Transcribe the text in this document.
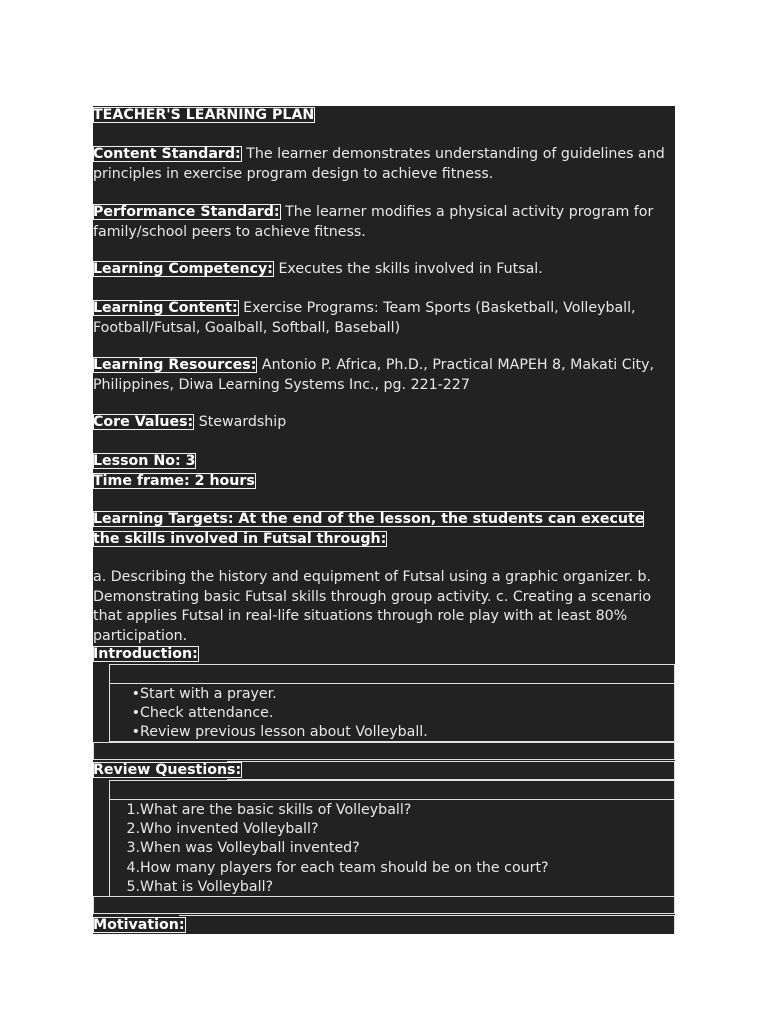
TEACHER'S LEARNING PLAN
Content Standard: The learner demonstrates understanding of guidelines and principles in exercise program design to achieve fitness.
Performance Standard: The learner modifies a physical activity program for family/school peers to achieve fitness.
Learning Competency: Executes the skills involved in Futsal.
Learning Content: Exercise Programs: Team Sports (Basketball, Volleyball, Football/Futsal, Goalball, Softball, Baseball)
Learning Resources: Antonio P. Africa, Ph.D., Practical MAPEH 8, Makati City, Philippines, Diwa Learning Systems Inc., pg. 221-227
Core Values: Stewardship
Lesson No: 3
Time frame: 2 hours
Learning Targets: At the end of the lesson, the students can execute the skills involved in Futsal through:
a. Describing the history and equipment of Futsal using a graphic organizer. b. Demonstrating basic Futsal skills through group activity. c. Creating a scenario that applies Futsal in real-life situations through role play with at least 80% participation.
Introduction:
• Start with a prayer.
• Check attendance.
• Review previous lesson about Volleyball.
Review Questions:
1. What are the basic skills of Volleyball?
2. Who invented Volleyball?
3. When was Volleyball invented?
4. How many players for each team should be on the court?
5. What is Volleyball?
Motivation:
